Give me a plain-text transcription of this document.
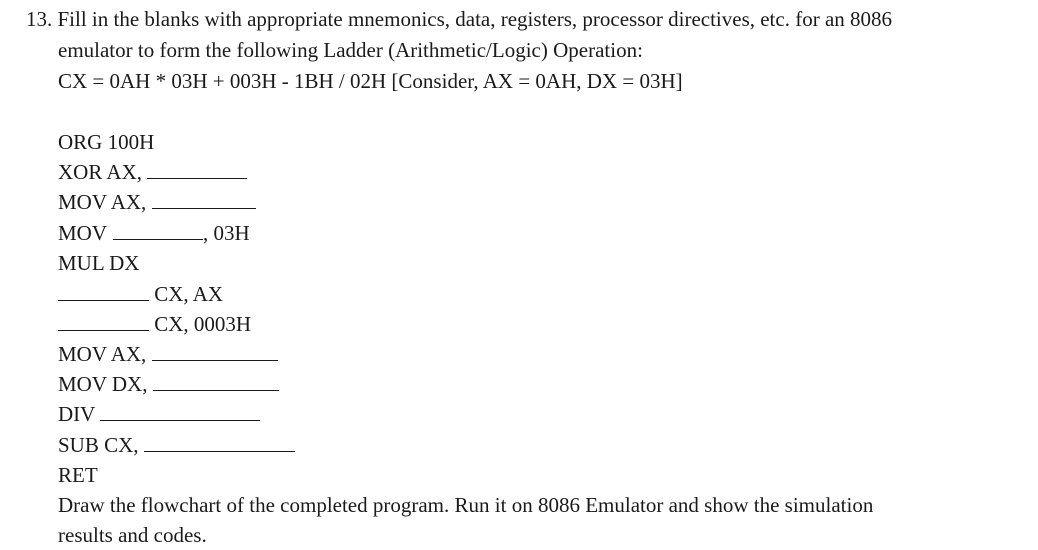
13. Fill in the blanks with appropriate mnemonics, data, registers, processor directives, etc. for an 8086
emulator to form the following Ladder (Arithmetic/Logic) Operation:
CX = 0AH * 03H + 003H - 1BH / 02H [Consider, AX = 0AH, DX = 03H]
ORG 100H
XOR AX,
MOV AX,
MOV	, 03H
MUL DX
CX, AX
CX, 0003H
MOV AX,
MOV DX,
DIV
SUB CX,
RET
Draw the flowchart of the completed program. Run it on 8086 Emulator and show the simulation
results and codes.
